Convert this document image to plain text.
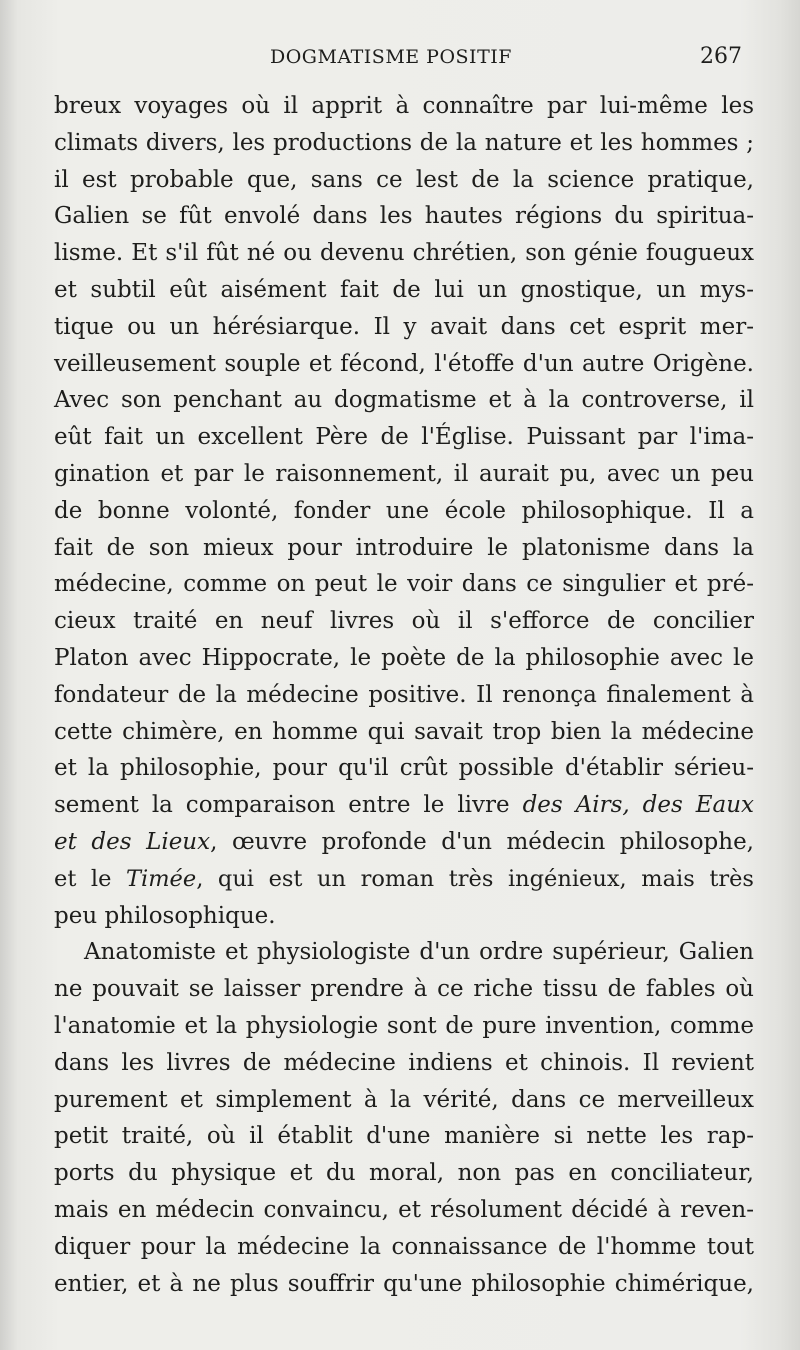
DOGMATISME POSITIF	267
breux voyages où il apprit à connaître par lui-même les
climats divers, les productions de la nature et les hommes ;
il est probable que, sans ce lest de la science pratique,
Galien se fût envolé dans les hautes régions du spiritua-
lisme. Et s'il fût né ou devenu chrétien, son génie fougueux
et subtil eût aisément fait de lui un gnostique, un mys-
tique ou un hérésiarque. Il y avait dans cet esprit mer-
veilleusement souple et fécond, l'étoffe d'un autre Origène.
Avec son penchant au dogmatisme et à la controverse, il
eût fait un excellent Père de l'Église. Puissant par l'ima-
gination et par le raisonnement, il aurait pu, avec un peu
de bonne volonté, fonder une école philosophique. Il a
fait de son mieux pour introduire le platonisme dans la
médecine, comme on peut le voir dans ce singulier et pré-
cieux traité en neuf livres où il s'efforce de concilier
Platon avec Hippocrate, le poète de la philosophie avec le
fondateur de la médecine positive. Il renonça finalement à
cette chimère, en homme qui savait trop bien la médecine
et la philosophie, pour qu'il crût possible d'établir sérieu-
sement la comparaison entre le livre des Airs, des Eaux
et des Lieux, œuvre profonde d'un médecin philosophe,
et le Timée, qui est un roman très ingénieux, mais très
peu philosophique.
Anatomiste et physiologiste d'un ordre supérieur, Galien
ne pouvait se laisser prendre à ce riche tissu de fables où
l'anatomie et la physiologie sont de pure invention, comme
dans les livres de médecine indiens et chinois. Il revient
purement et simplement à la vérité, dans ce merveilleux
petit traité, où il établit d'une manière si nette les rap-
ports du physique et du moral, non pas en conciliateur,
mais en médecin convaincu, et résolument décidé à reven-
diquer pour la médecine la connaissance de l'homme tout
entier, et à ne plus souffrir qu'une philosophie chimérique,
